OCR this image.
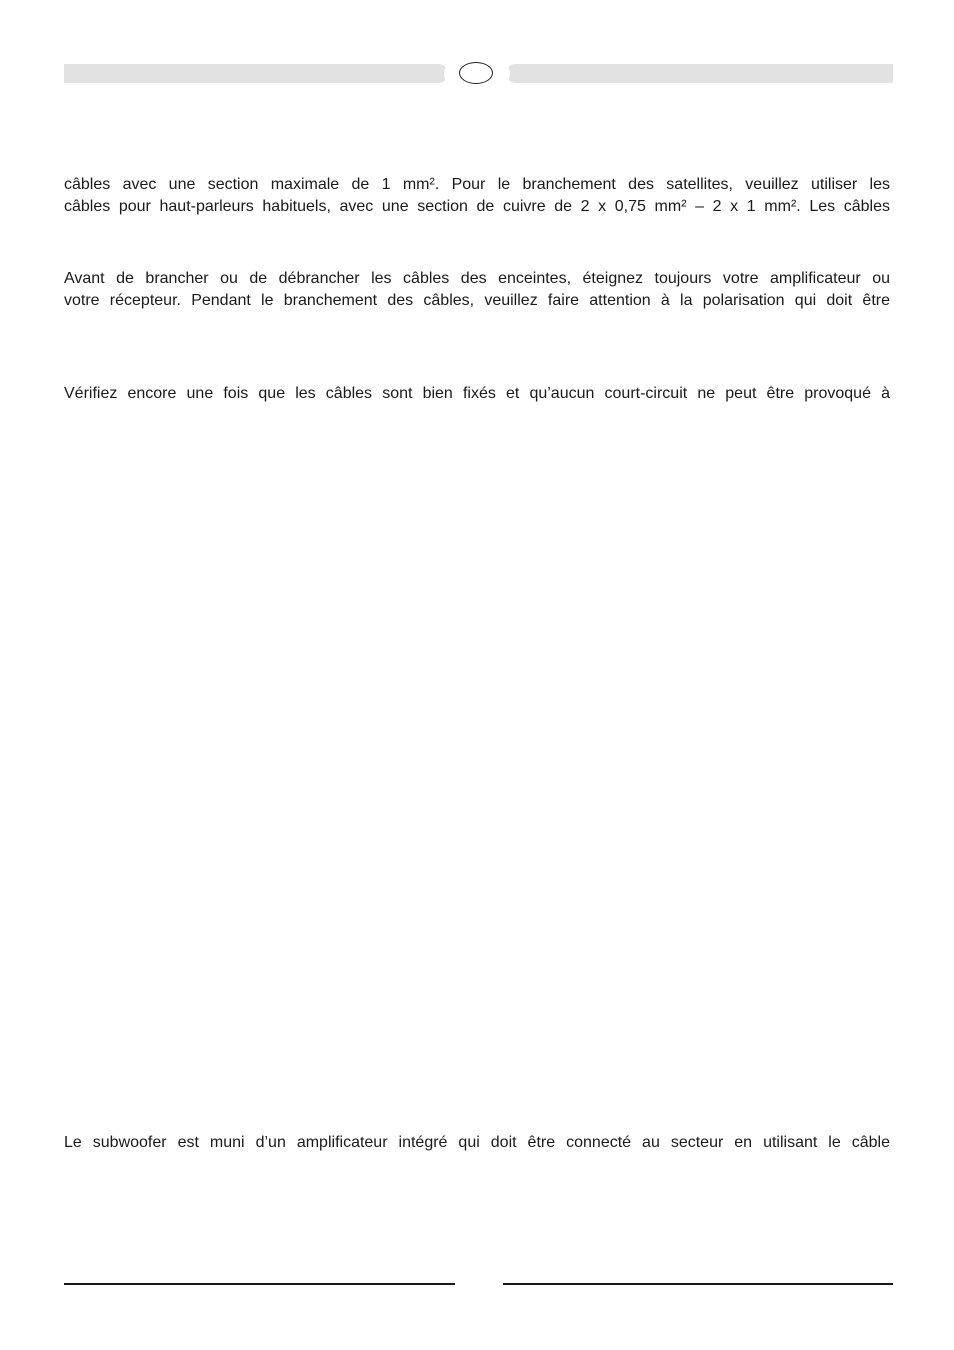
câbles avec une section maximale de 1 mm². Pour le branchement des satellites, veuillez utiliser les
câbles pour haut-parleurs habituels, avec une section de cuivre de 2 x 0,75 mm² – 2 x 1 mm². Les câbles
Avant de brancher ou de débrancher les câbles des enceintes, éteignez toujours votre amplificateur ou
votre récepteur. Pendant le branchement des câbles, veuillez faire attention à la polarisation qui doit être
Vérifiez encore une fois que les câbles sont bien fixés et qu’aucun court-circuit ne peut être provoqué à
Le subwoofer est muni d’un amplificateur intégré qui doit être connecté au secteur en utilisant le câble
